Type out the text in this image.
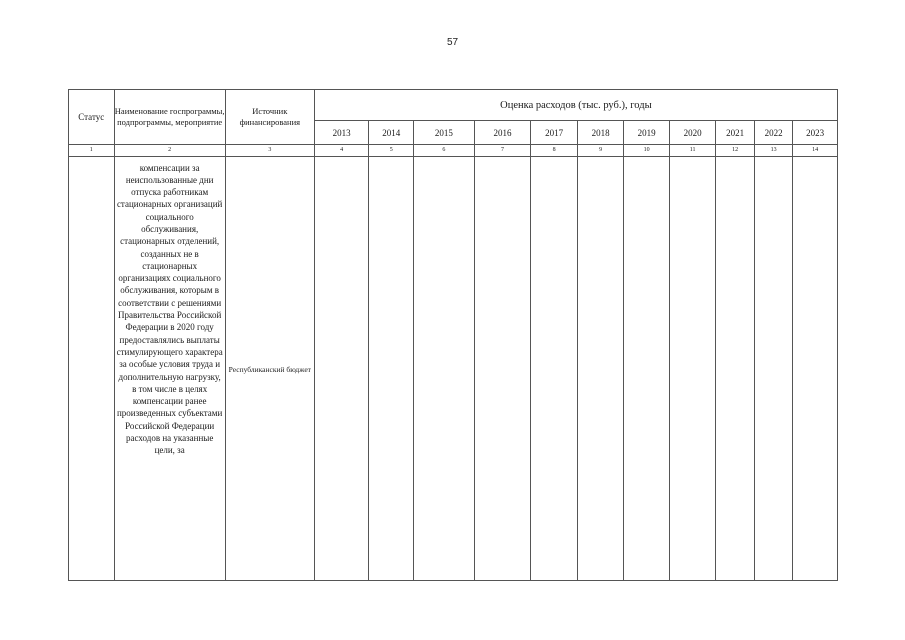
57
Статус	Наименование госпрограммы, подпрограммы, мероприятие	Источник финансирования	Оценка расходов (тыс. руб.), годы										
			2013	2014	2015	2016	2017	2018	2019	2020	2021	2022	2023
1	2	3	4	5	6	7	8	9	10	11	12	13	14

	компенсации за неиспользованные дни отпуска работникам стационарных организаций социального обслуживания, стационарных отделений, созданных не в стационарных организациях социального обслуживания, которым в соответствии с решениями Правительства Российской Федерации в 2020 году предоставлялись выплаты стимулирующего характера за особые условия труда и дополнительную нагрузку, в том числе в целях компенсации ранее произведенных субъектами Российской Федерации расходов на указанные цели, за	Республиканский бюджет											
